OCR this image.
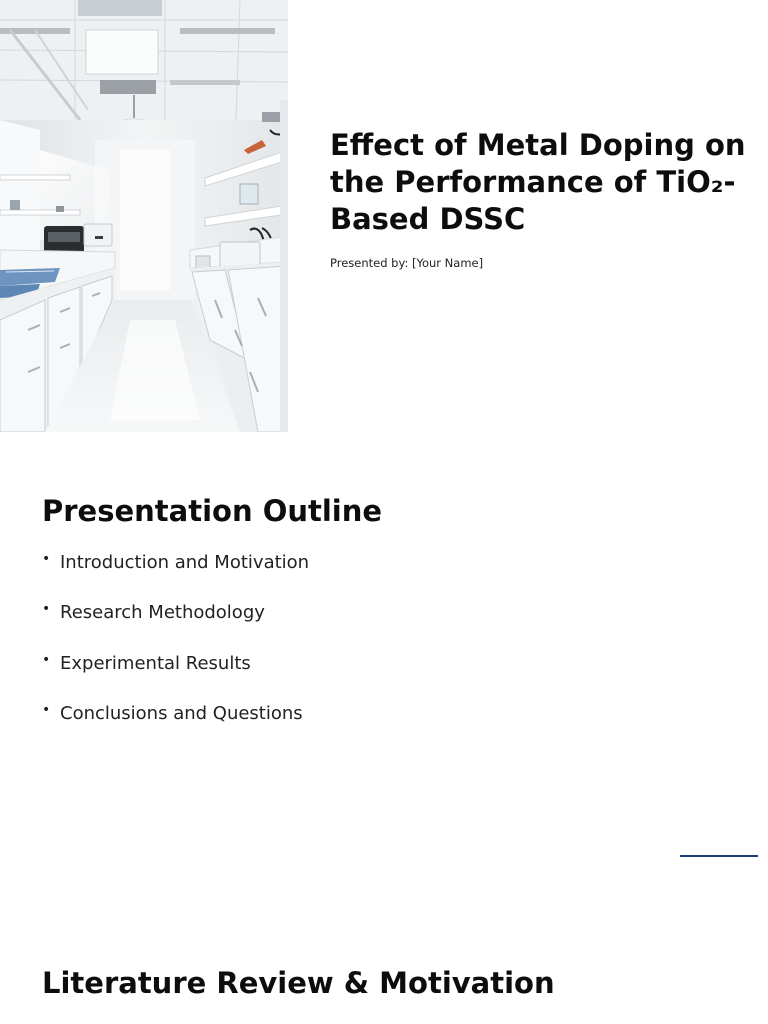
Effect of Metal Doping on the Performance of TiO₂-Based DSSC
Presented by: [Your Name]
Presentation Outline
• Introduction and Motivation
• Research Methodology
• Experimental Results
• Conclusions and Questions
Literature Review & Motivation
